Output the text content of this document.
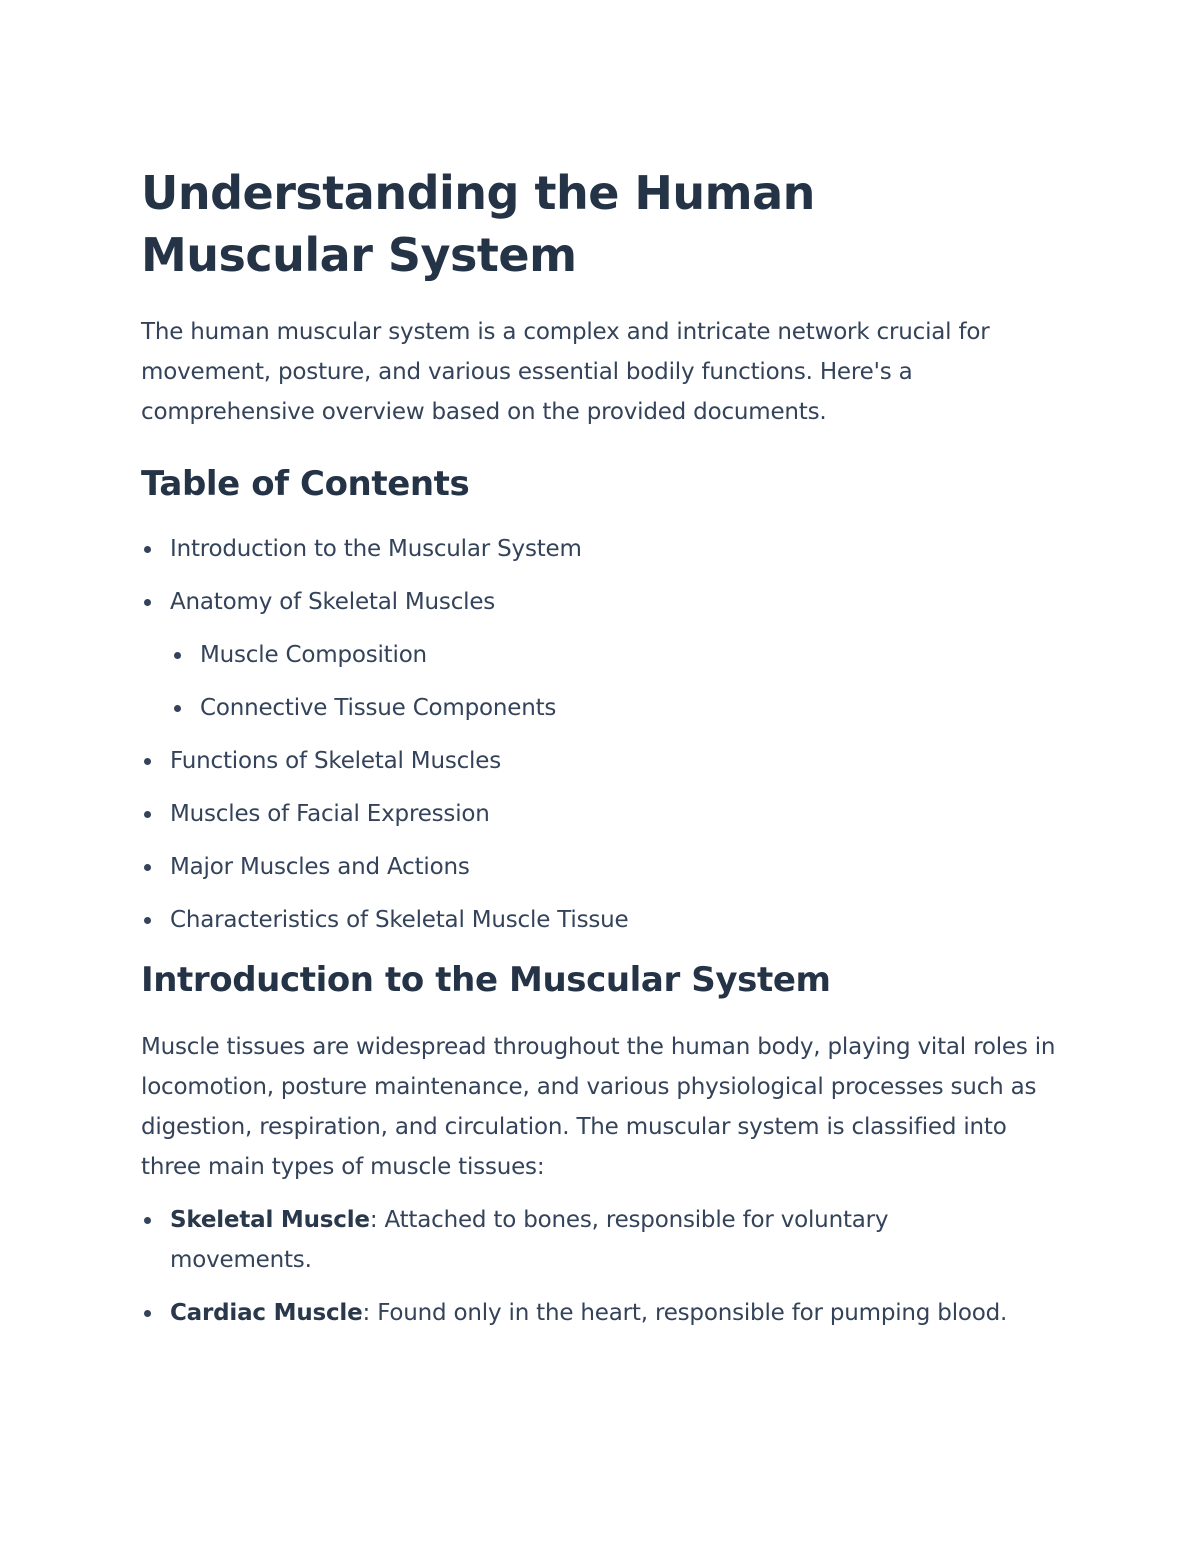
Understanding the Human Muscular System

The human muscular system is a complex and intricate network crucial for movement, posture, and various essential bodily functions. Here's a comprehensive overview based on the provided documents.

Table of Contents
Introduction to the Muscular System
Anatomy of Skeletal Muscles
Muscle Composition
Connective Tissue Components
Functions of Skeletal Muscles
Muscles of Facial Expression
Major Muscles and Actions
Characteristics of Skeletal Muscle Tissue
Introduction to the Muscular System

Muscle tissues are widespread throughout the human body, playing vital roles in locomotion, posture maintenance, and various physiological processes such as digestion, respiration, and circulation. The muscular system is classified into three main types of muscle tissues:

Skeletal Muscle: Attached to bones, responsible for voluntary movements.
Cardiac Muscle: Found only in the heart, responsible for pumping blood.
